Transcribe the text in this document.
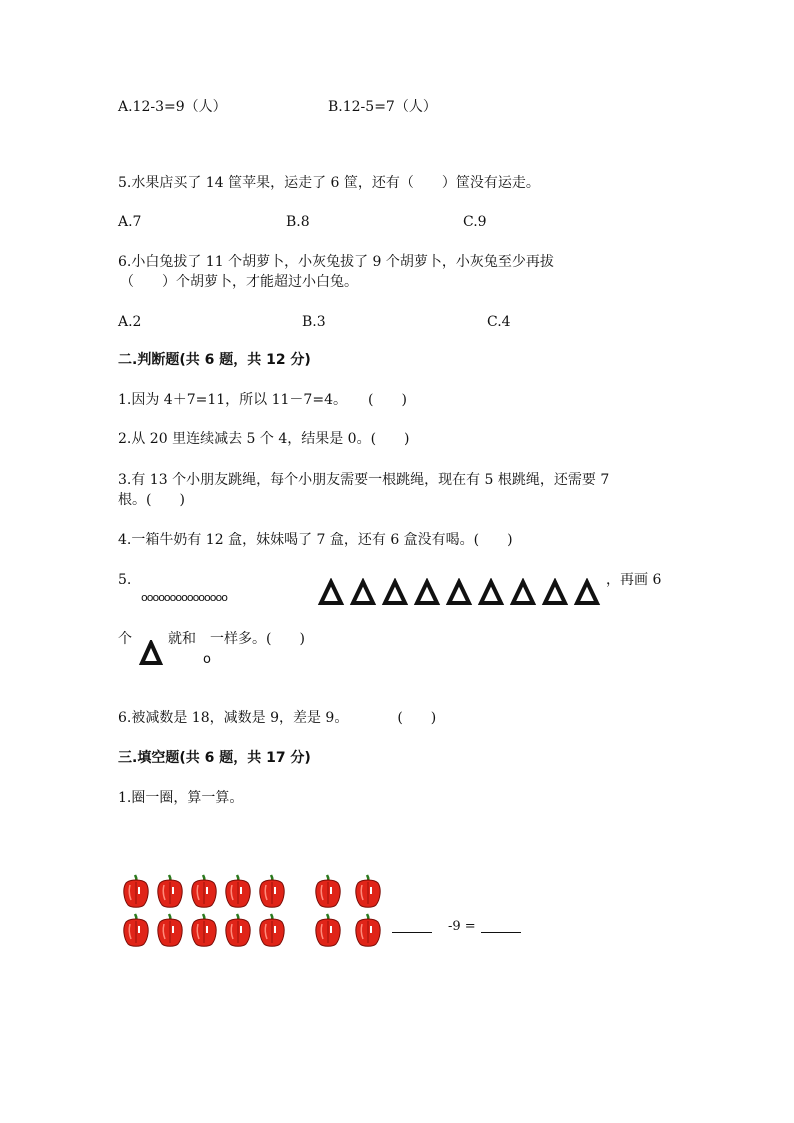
A.12-3=9（人）	B.12-5=7（人）
5.水果店买了 14 筐苹果，运走了 6 筐，还有（　　）筐没有运走。
A.7	B.8	C.9
6.小白兔拔了 11 个胡萝卜，小灰兔拔了 9 个胡萝卜，小灰兔至少再拔
（　　）个胡萝卜，才能超过小白兔。
A.2	B.3	C.4
二.判断题(共 6 题，共 12 分)
1.因为 4＋7=11，所以 11－7=4。　　(　　)
2.从 20 里连续减去 5 个 4，结果是 0。(　　)
3.有 13 个小朋友跳绳，每个小朋友需要一根跳绳，现在有 5 根跳绳，还需要 7
根。(　　)
4.一箱牛奶有 12 盒，妹妹喝了 7 盒，还有 6 盒没有喝。(　　)
5.
ooooooooooooooo
，再画 6
个	就和　一样多。(　　)
o
6.被减数是 18，减数是 9，差是 9。　　　　(　　)
三.填空题(共 6 题，共 17 分)
1.圈一圈，算一算。
-9 =
